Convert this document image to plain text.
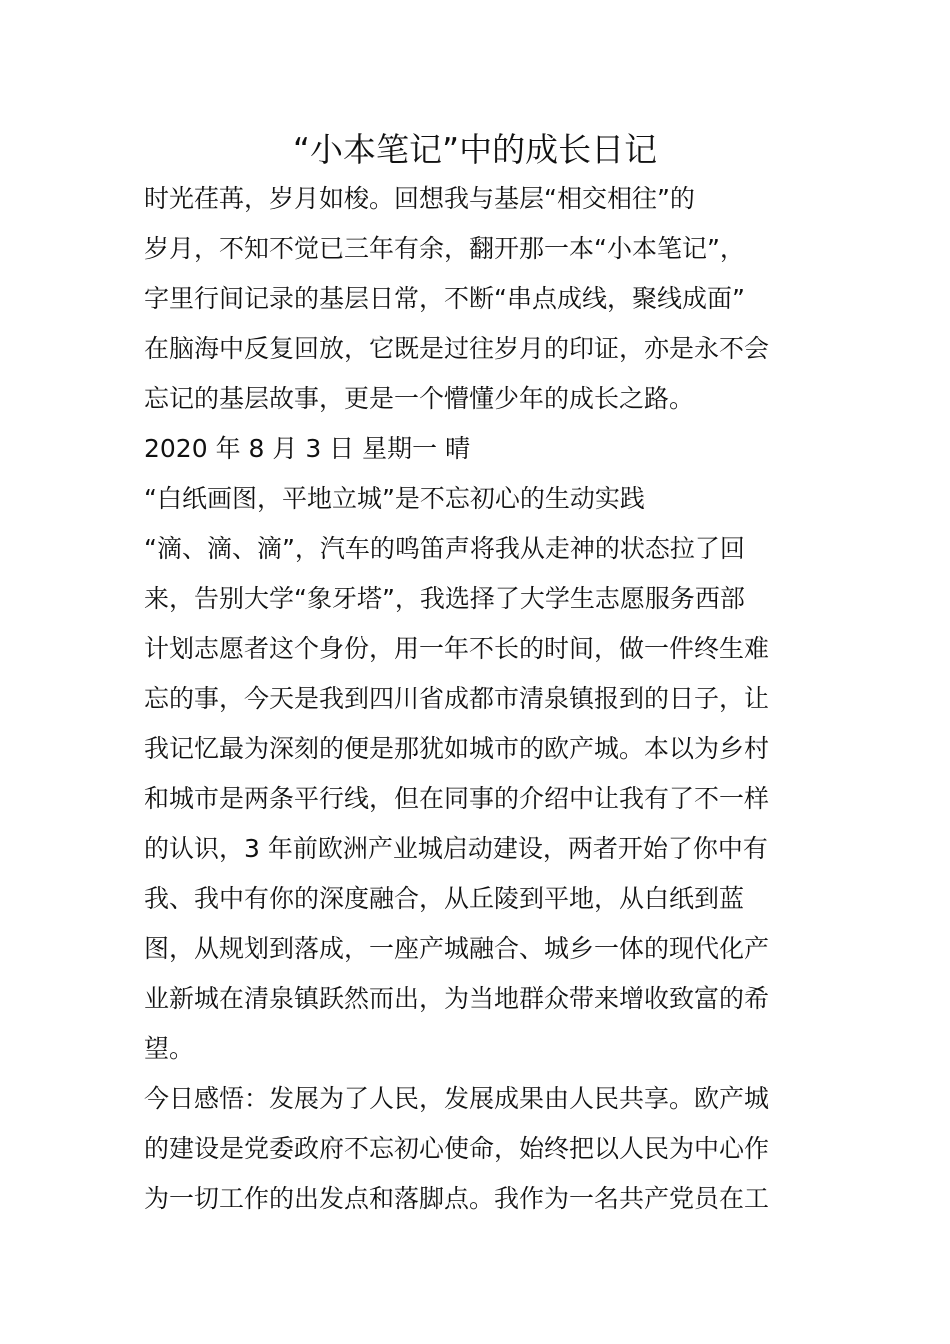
“小本笔记”中的成长日记
时光荏苒，岁月如梭。回想我与基层“相交相往”的
岁月，不知不觉已三年有余，翻开那一本“小本笔记”，
字里行间记录的基层日常，不断“串点成线，聚线成面”
在脑海中反复回放，它既是过往岁月的印证，亦是永不会
忘记的基层故事，更是一个懵懂少年的成长之路。
2020 年 8 月 3 日 星期一 晴
“白纸画图，平地立城”是不忘初心的生动实践
“滴、滴、滴”，汽车的鸣笛声将我从走神的状态拉了回
来，告别大学“象牙塔”，我选择了大学生志愿服务西部
计划志愿者这个身份，用一年不长的时间，做一件终生难
忘的事，今天是我到四川省成都市清泉镇报到的日子，让
我记忆最为深刻的便是那犹如城市的欧产城。本以为乡村
和城市是两条平行线，但在同事的介绍中让我有了不一样
的认识，3 年前欧洲产业城启动建设，两者开始了你中有
我、我中有你的深度融合，从丘陵到平地，从白纸到蓝
图，从规划到落成，一座产城融合、城乡一体的现代化产
业新城在清泉镇跃然而出，为当地群众带来增收致富的希
望。
今日感悟：发展为了人民，发展成果由人民共享。欧产城
的建设是党委政府不忘初心使命，始终把以人民为中心作
为一切工作的出发点和落脚点。我作为一名共产党员在工
